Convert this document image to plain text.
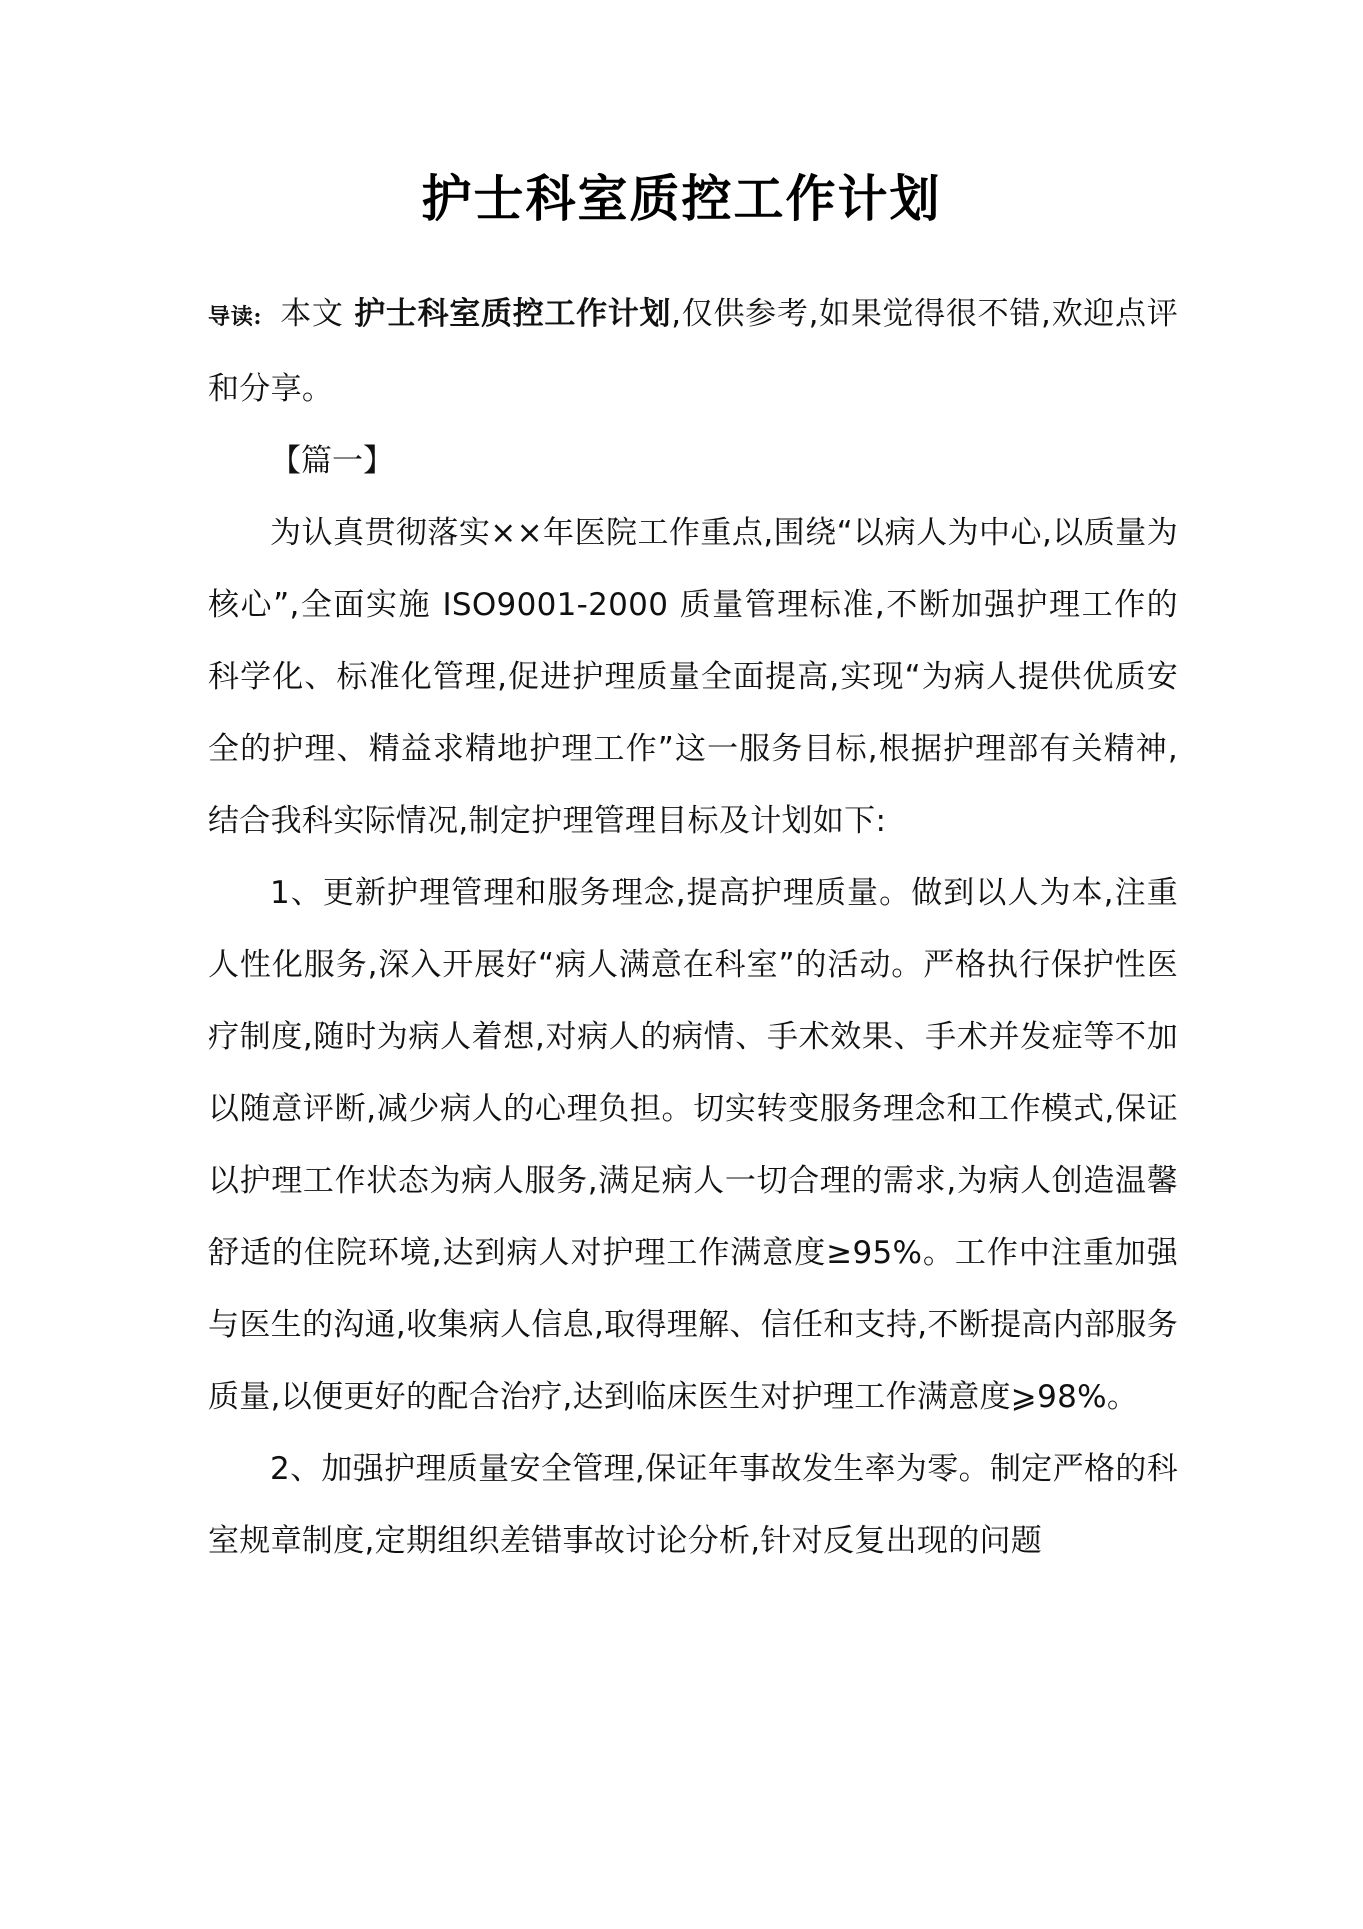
护士科室质控工作计划

导读: 本文 护士科室质控工作计划,仅供参考,如果觉得很不错,欢迎点评和分享。

【篇一】

为认真贯彻落实××年医院工作重点,围绕“以病人为中心,以质量为核心”,全面实施 ISO9001-2000 质量管理标准,不断加强护理工作的科学化、标准化管理,促进护理质量全面提高,实现“为病人提供优质安全的护理、精益求精地护理工作”这一服务目标,根据护理部有关精神,结合我科实际情况,制定护理管理目标及计划如下:

1、更新护理管理和服务理念,提高护理质量。做到以人为本,注重人性化服务,深入开展好“病人满意在科室”的活动。严格执行保护性医疗制度,随时为病人着想,对病人的病情、手术效果、手术并发症等不加以随意评断,减少病人的心理负担。切实转变服务理念和工作模式,保证以护理工作状态为病人服务,满足病人一切合理的需求,为病人创造温馨舒适的住院环境,达到病人对护理工作满意度≥95%。工作中注重加强与医生的沟通,收集病人信息,取得理解、信任和支持,不断提高内部服务质量,以便更好的配合治疗,达到临床医生对护理工作满意度⩾98%。

2、加强护理质量安全管理,保证年事故发生率为零。制定严格的科室规章制度,定期组织差错事故讨论分析,针对反复出现的问题
